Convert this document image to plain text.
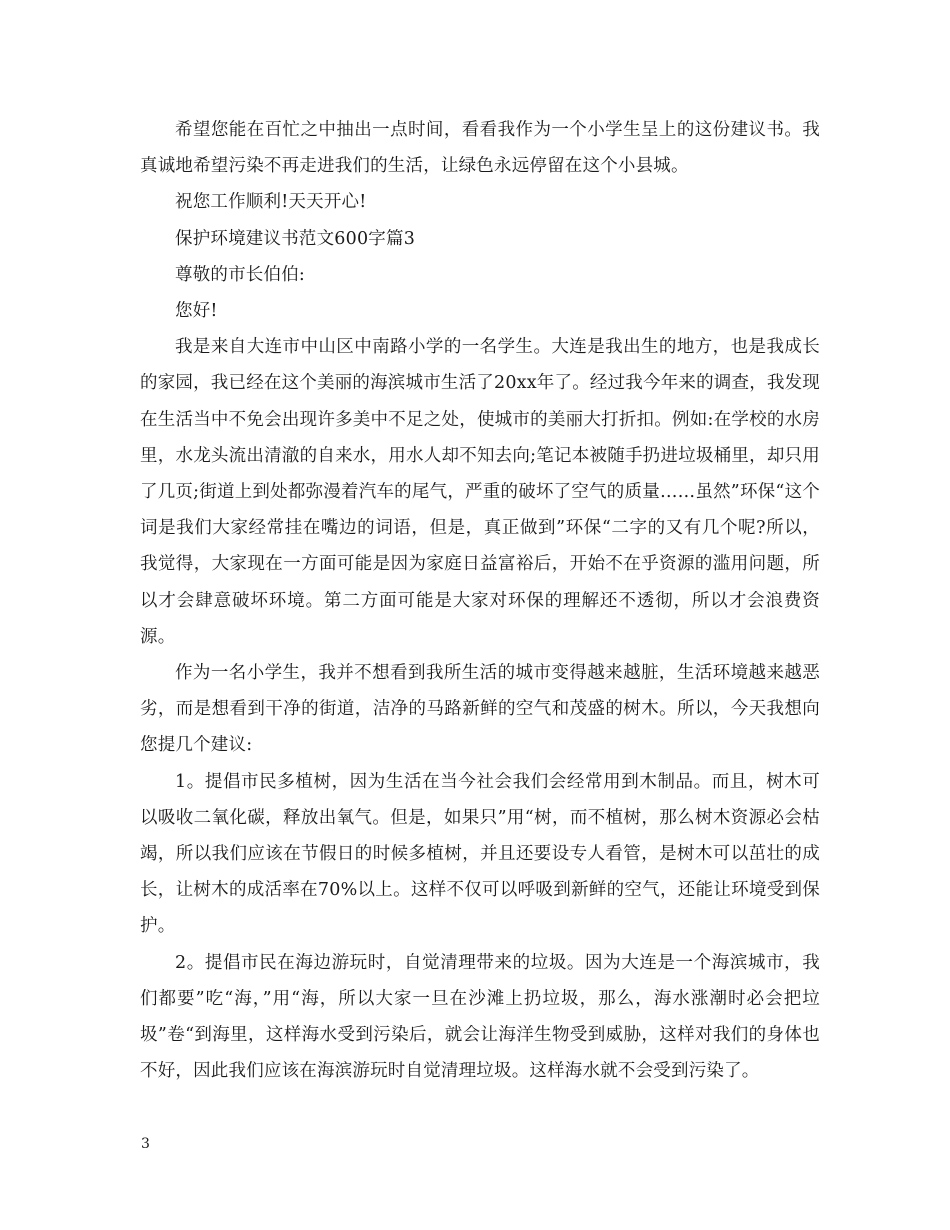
希望您能在百忙之中抽出一点时间，看看我作为一个小学生呈上的这份建议书。我真诚地希望污染不再走进我们的生活，让绿色永远停留在这个小县城。

祝您工作顺利!天天开心!

保护环境建议书范文600字篇3

尊敬的市长伯伯:

您好!

我是来自大连市中山区中南路小学的一名学生。大连是我出生的地方，也是我成长的家园，我已经在这个美丽的海滨城市生活了20xx年了。经过我今年来的调查，我发现在生活当中不免会出现许多美中不足之处，使城市的美丽大打折扣。例如:在学校的水房里，水龙头流出清澈的自来水，用水人却不知去向;笔记本被随手扔进垃圾桶里，却只用了几页;街道上到处都弥漫着汽车的尾气，严重的破坏了空气的质量……虽然”环保“这个词是我们大家经常挂在嘴边的词语，但是，真正做到”环保“二字的又有几个呢?所以，我觉得，大家现在一方面可能是因为家庭日益富裕后，开始不在乎资源的滥用问题，所以才会肆意破坏环境。第二方面可能是大家对环保的理解还不透彻，所以才会浪费资源。

作为一名小学生，我并不想看到我所生活的城市变得越来越脏，生活环境越来越恶劣，而是想看到干净的街道，洁净的马路新鲜的空气和茂盛的树木。所以，今天我想向您提几个建议:

1。提倡市民多植树，因为生活在当今社会我们会经常用到木制品。而且，树木可以吸收二氧化碳，释放出氧气。但是，如果只”用“树，而不植树，那么树木资源必会枯竭，所以我们应该在节假日的时候多植树，并且还要设专人看管，是树木可以茁壮的成长，让树木的成活率在70%以上。这样不仅可以呼吸到新鲜的空气，还能让环境受到保护。

2。提倡市民在海边游玩时，自觉清理带来的垃圾。因为大连是一个海滨城市，我们都要”吃“海，”用“海，所以大家一旦在沙滩上扔垃圾，那么，海水涨潮时必会把垃圾”卷“到海里，这样海水受到污染后，就会让海洋生物受到威胁，这样对我们的身体也不好，因此我们应该在海滨游玩时自觉清理垃圾。这样海水就不会受到污染了。

3
